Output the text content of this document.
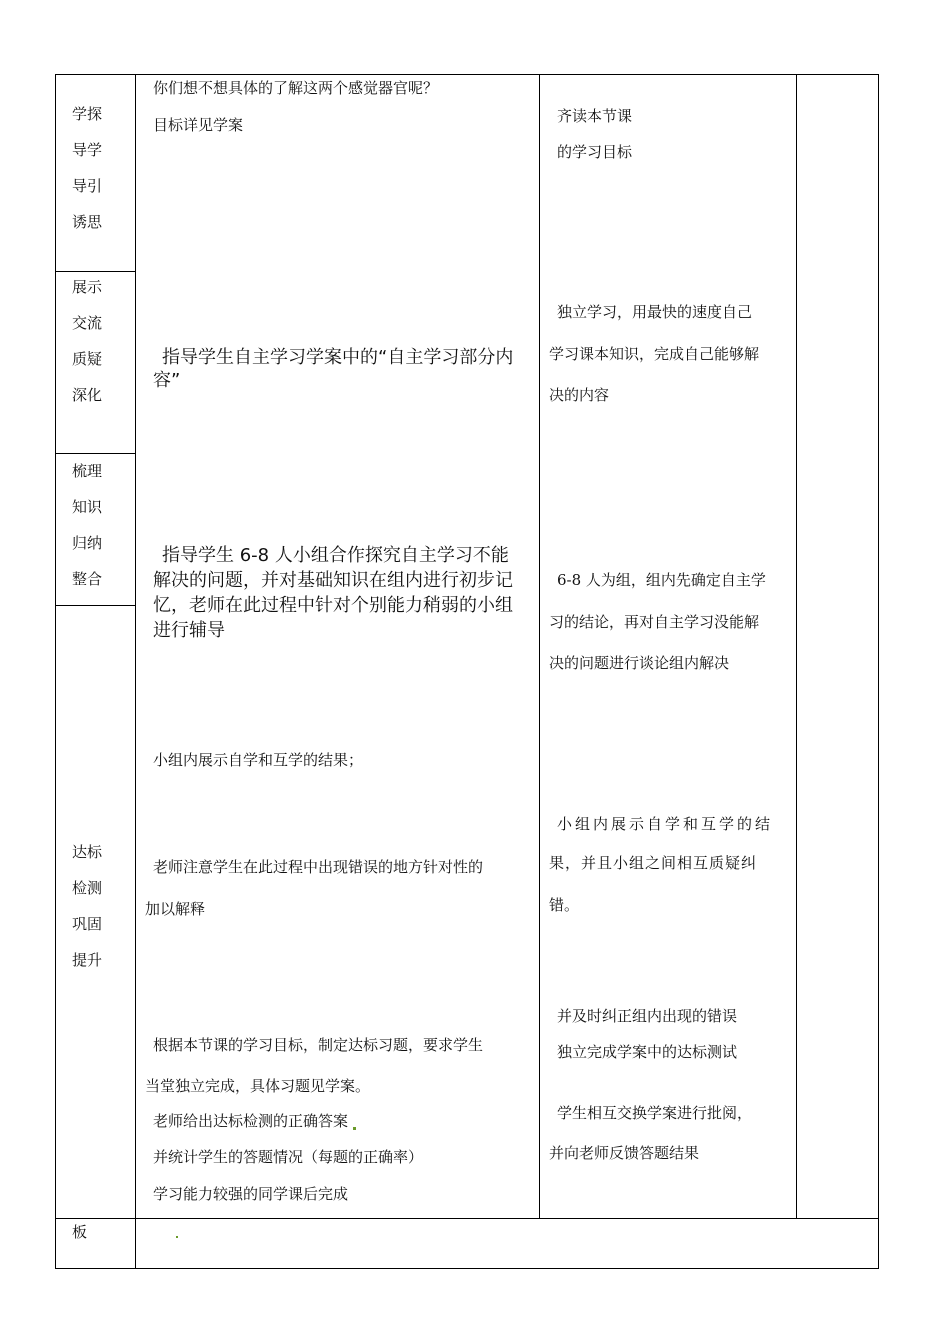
学探
导学
导引
诱思
展示
交流
质疑
深化
梳理
知识
归纳
整合
达标
检测
巩固
提升
板
你们想不想具体的了解这两个感觉器官呢？
目标详见学案
指导学生自主学习学案中的“自主学习部分内
容”
指导学生 6-8 人小组合作探究自主学习不能
解决的问题，并对基础知识在组内进行初步记
忆，老师在此过程中针对个别能力稍弱的小组
进行辅导
小组内展示自学和互学的结果；
老师注意学生在此过程中出现错误的地方针对性的
加以解释
根据本节课的学习目标，制定达标习题，要求学生
当堂独立完成，具体习题见学案。
老师给出达标检测的正确答案
并统计学生的答题情况（每题的正确率）
学习能力较强的同学课后完成
齐读本节课
的学习目标
独立学习，用最快的速度自己
学习课本知识，完成自己能够解
决的内容
6-8 人为组，组内先确定自主学
习的结论，再对自主学习没能解
决的问题进行谈论组内解决
小组内展示自学和互学的结
果，并且小组之间相互质疑纠
错。
并及时纠正组内出现的错误
独立完成学案中的达标测试
学生相互交换学案进行批阅，
并向老师反馈答题结果
